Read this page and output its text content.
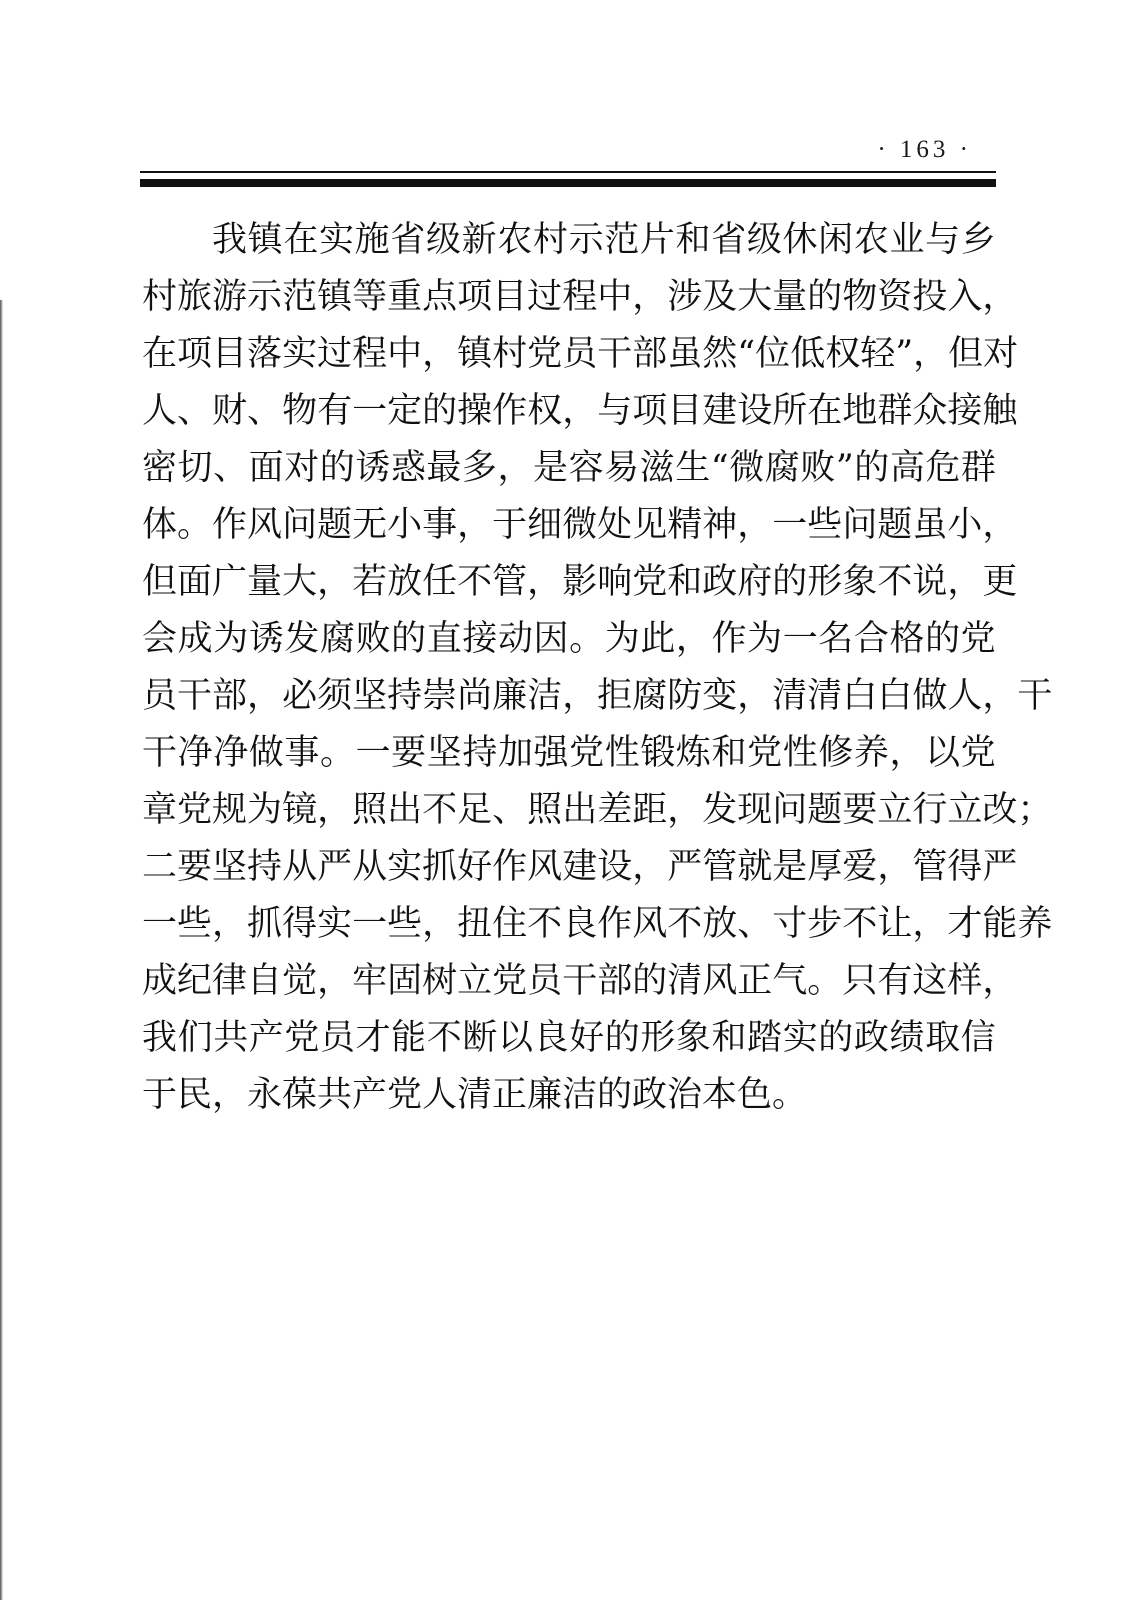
· 163 ·
我 镇 在 实 施 省 级 新 农 村 示 范 片 和 省 级 休 闲 农 业 与 乡
村 旅 游 示 范 镇 等 重 点 项 目 过 程 中 ， 涉 及 大 量 的 物 资 投 入 ，
在 项 目 落 实 过 程 中 ， 镇 村 党 员 干 部 虽 然 “ 位 低 权 轻 ” ， 但 对
人 、 财 、 物 有 一 定 的 操 作 权 ， 与 项 目 建 设 所 在 地 群 众 接 触
密 切 、 面 对 的 诱 惑 最 多 ， 是 容 易 滋 生 “ 微 腐 败 ” 的 高 危 群
体 。 作 风 问 题 无 小 事 ， 于 细 微 处 见 精 神 ， 一 些 问 题 虽 小 ，
但 面 广 量 大 ， 若 放 任 不 管 ， 影 响 党 和 政 府 的 形 象 不 说 ， 更
会 成 为 诱 发 腐 败 的 直 接 动 因 。 为 此 ， 作 为 一 名 合 格 的 党
员 干 部 ， 必 须 坚 持 崇 尚 廉 洁 ， 拒 腐 防 变 ， 清 清 白 白 做 人 ， 干
干 净 净 做 事 。 一 要 坚 持 加 强 党 性 锻 炼 和 党 性 修 养 ， 以 党
章 党 规 为 镜 ， 照 出 不 足 、 照 出 差 距 ， 发 现 问 题 要 立 行 立 改 ；
二 要 坚 持 从 严 从 实 抓 好 作 风 建 设 ， 严 管 就 是 厚 爱 ， 管 得 严
一 些 ， 抓 得 实 一 些 ， 扭 住 不 良 作 风 不 放 、 寸 步 不 让 ， 才 能 养
成 纪 律 自 觉 ， 牢 固 树 立 党 员 干 部 的 清 风 正 气 。 只 有 这 样 ，
我 们 共 产 党 员 才 能 不 断 以 良 好 的 形 象 和 踏 实 的 政 绩 取 信
于民，永葆共产党人清正廉洁的政治本色。
